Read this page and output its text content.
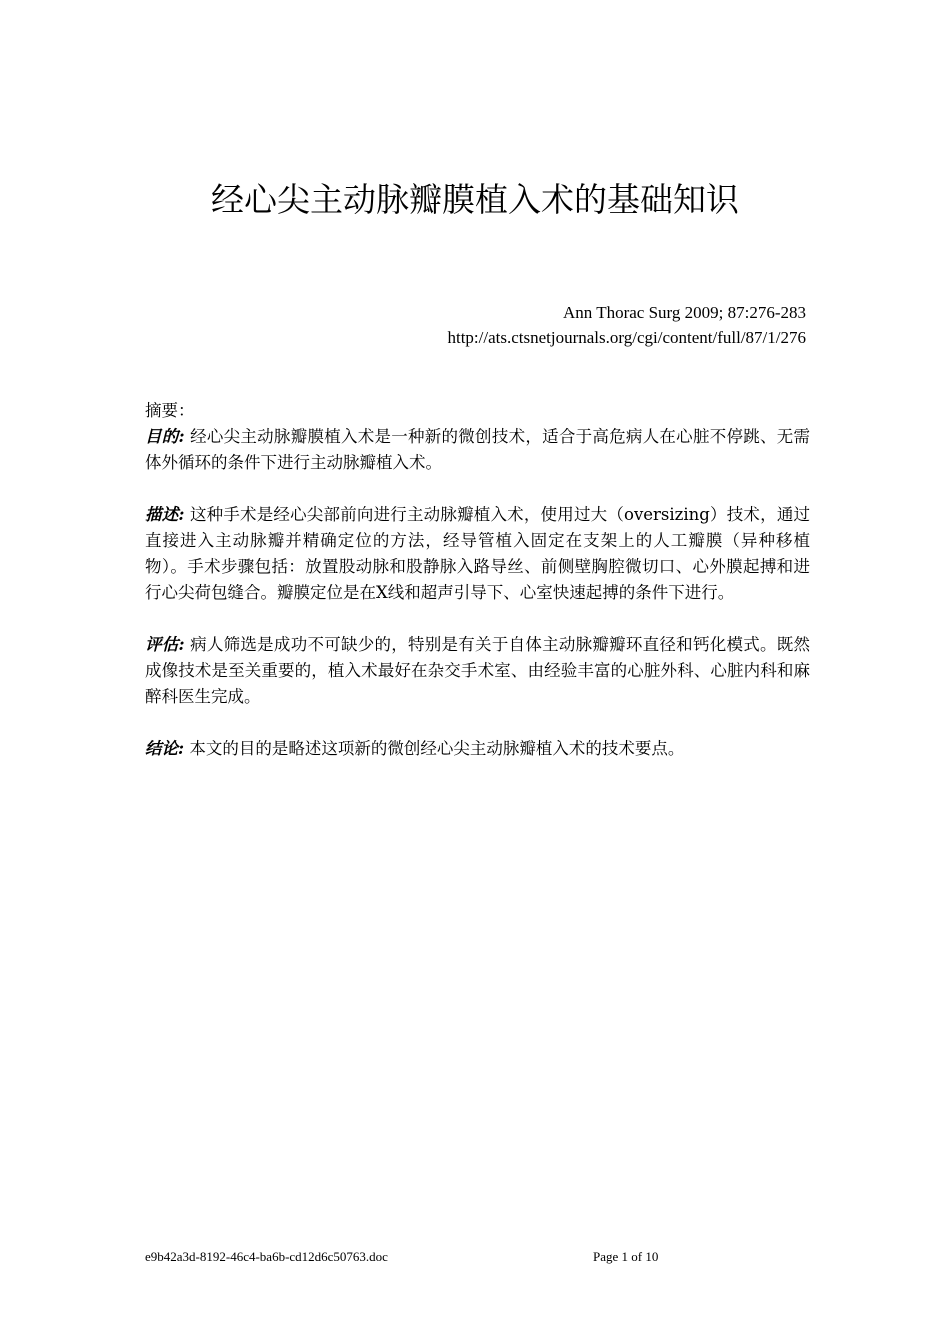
经心尖主动脉瓣膜植入术的基础知识
Ann Thorac Surg 2009; 87:276-283
http://ats.ctsnetjournals.org/cgi/content/full/87/1/276

摘要：

目的: 经心尖主动脉瓣膜植入术是一种新的微创技术，适合于高危病人在心脏不停跳、无需体外循环的条件下进行主动脉瓣植入术。

描述: 这种手术是经心尖部前向进行主动脉瓣植入术，使用过大（oversizing）技术，通过直接进入主动脉瓣并精确定位的方法，经导管植入固定在支架上的人工瓣膜（异种移植物）。手术步骤包括：放置股动脉和股静脉入路导丝、前侧壁胸腔微切口、心外膜起搏和进行心尖荷包缝合。瓣膜定位是在X线和超声引导下、心室快速起搏的条件下进行。

评估: 病人筛选是成功不可缺少的，特别是有关于自体主动脉瓣瓣环直径和钙化模式。既然成像技术是至关重要的，植入术最好在杂交手术室、由经验丰富的心脏外科、心脏内科和麻醉科医生完成。

结论: 本文的目的是略述这项新的微创经心尖主动脉瓣植入术的技术要点。

e9b42a3d-8192-46c4-ba6b-cd12d6c50763.doc	Page 1 of 10
